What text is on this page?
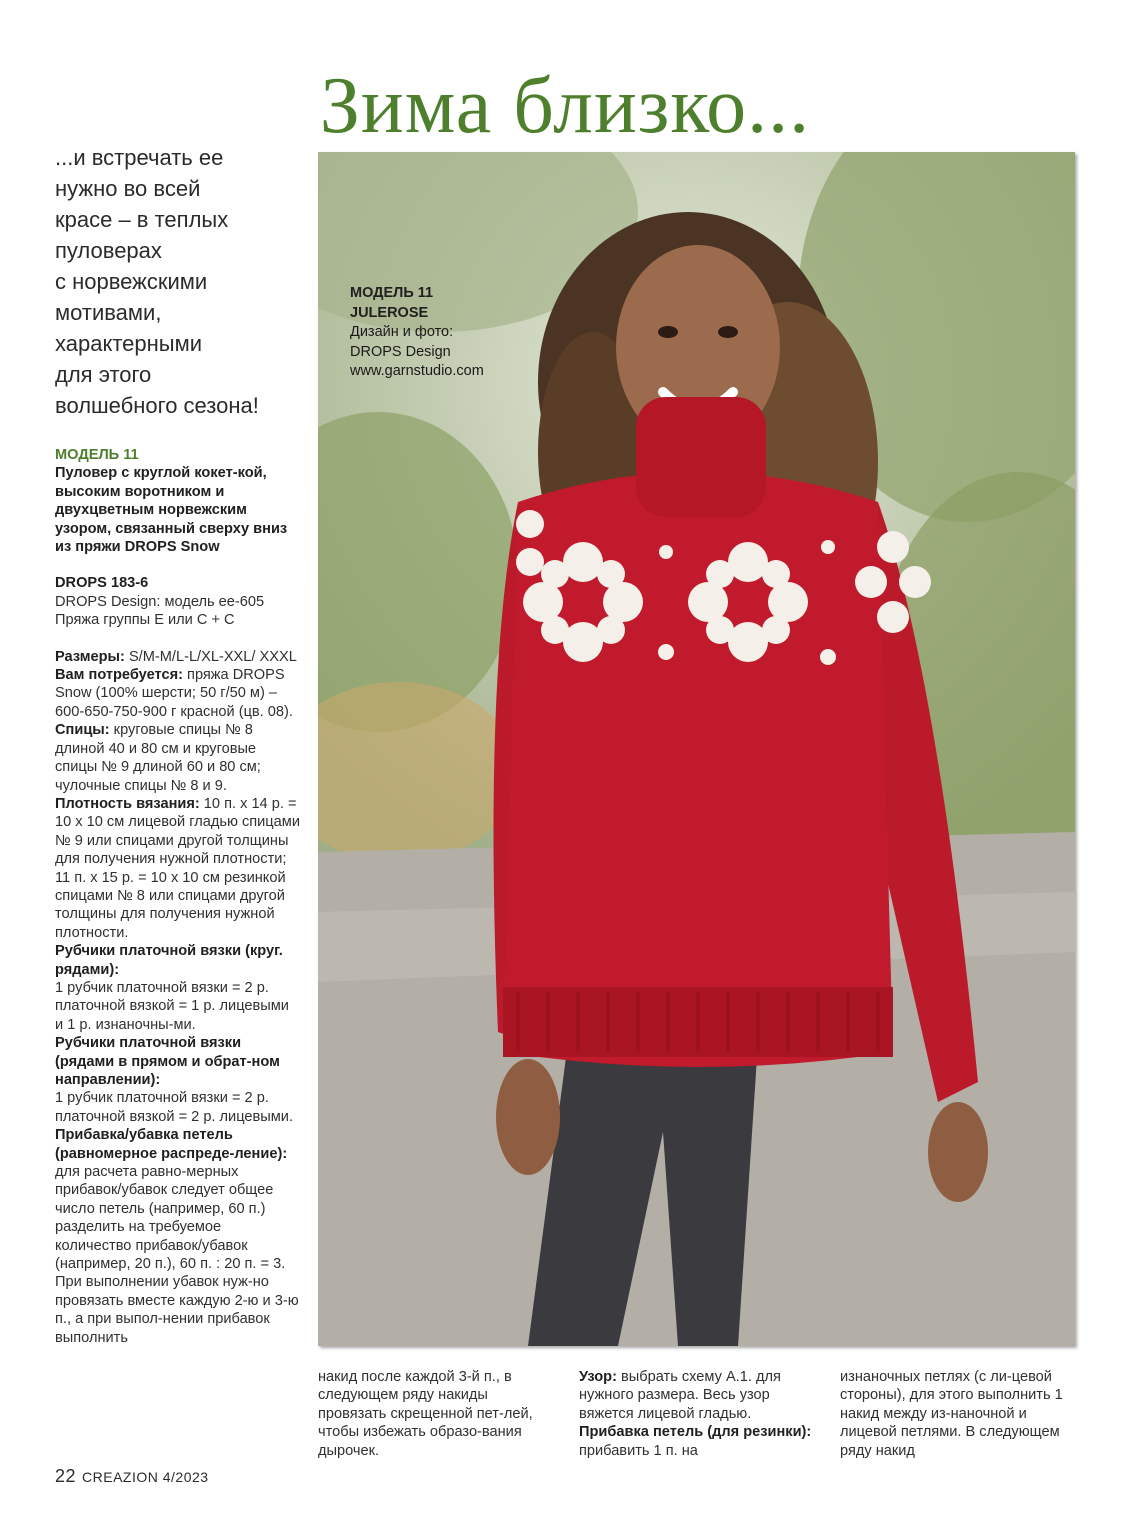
Зима близко...
...и встречать ее
нужно во всей
красе – в теплых
пуловерах
с норвежскими
мотивами,
характерными
для этого
волшебного сезона!
МОДЕЛЬ 11
JULEROSE
Дизайн и фото:
DROPS Design
www.garnstudio.com

МОДЕЛЬ 11

Пуловер с круглой кокет-кой, высоким воротником и двухцветным норвежским узором, связанный сверху вниз из пряжи DROPS Snow

DROPS 183-6

DROPS Design: модель ee-605

Пряжа группы E или C + C

Размеры: S/M-M/L-L/XL-XXL/ XXXL

Вам потребуется: пряжа DROPS Snow (100% шерсти; 50 г/50 м) – 600-650-750-900 г красной (цв. 08).

Спицы: круговые спицы № 8 длиной 40 и 80 см и круговые спицы № 9 длиной 60 и 80 см; чулочные спицы № 8 и 9.

Плотность вязания: 10 п. х 14 р. = 10 х 10 см лицевой гладью спицами № 9 или спицами другой толщины для получения нужной плотности; 11 п. х 15 р. = 10 х 10 см резинкой спицами № 8 или спицами другой толщины для получения нужной плотности.

Рубчики платочной вязки (круг. рядами):

1 рубчик платочной вязки = 2 р. платочной вязкой = 1 р. лицевыми и 1 р. изнаночны-ми.

Рубчики платочной вязки (рядами в прямом и обрат-ном направлении):

1 рубчик платочной вязки = 2 р. платочной вязкой = 2 р. лицевыми.

Прибавка/убавка петель (равномерное распреде-ление): для расчета равно-мерных прибавок/убавок следует общее число петель (например, 60 п.) разделить на требуемое количество прибавок/убавок (например, 20 п.), 60 п. : 20 п. = 3. При выполнении убавок нуж-но провязать вместе каждую 2-ю и 3-ю п., а при выпол-нении прибавок выполнить

накид после каждой 3-й п., в следующем ряду накиды провязать скрещенной пет-лей, чтобы избежать образо-вания дырочек.

Узор: выбрать схему А.1. для нужного размера. Весь узор вяжется лицевой гладью.

Прибавка петель (для резинки): прибавить 1 п. на

изнаночных петлях (с ли-цевой стороны), для этого выполнить 1 накид между из-наночной и лицевой петлями. В следующем ряду накид

22 CREAZION 4/2023
